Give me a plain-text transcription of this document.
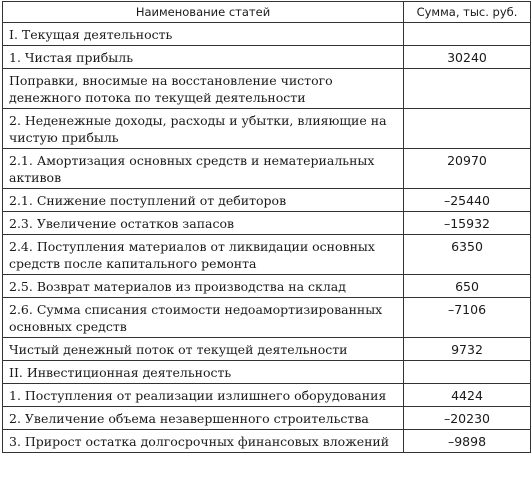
Наименование статей	Сумма, тыс. руб.
I. Текущая деятельность	
1. Чистая прибыль	30240
Поправки, вносимые на восстановление чистого денежного потока по текущей деятельности	
2. Неденежные доходы, расходы и убытки, влияющие на чистую прибыль	
2.1. Амортизация основных средств и нематериальных активов	20970
2.1. Снижение поступлений от дебиторов	–25440
2.3. Увеличение остатков запасов	–15932
2.4. Поступления материалов от ликвидации основных средств после капитального ремонта	6350
2.5. Возврат материалов из производства на склад	650
2.6. Сумма списания стоимости недоамортизированных основных средств	–7106
Чистый денежный поток от текущей деятельности	9732
II. Инвестиционная деятельность	
1. Поступления от реализации излишнего оборудования	4424
2. Увеличение объема незавершенного строительства	–20230
3. Прирост остатка долгосрочных финансовых вложений	–9898
